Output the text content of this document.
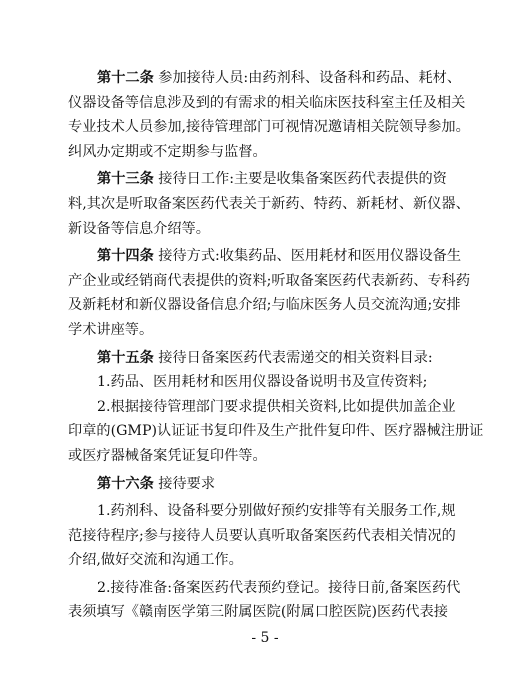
第十二条 参加接待人员:由药剂科、设备科和药品、耗材、
仪器设备等信息涉及到的有需求的相关临床医技科室主任及相关
专业技术人员参加,接待管理部门可视情况邀请相关院领导参加。
纠风办定期或不定期参与监督。
第十三条 接待日工作:主要是收集备案医药代表提供的资
料,其次是听取备案医药代表关于新药、特药、新耗材、新仪器、
新设备等信息介绍等。
第十四条 接待方式:收集药品、医用耗材和医用仪器设备生
产企业或经销商代表提供的资料;听取备案医药代表新药、专科药
及新耗材和新仪器设备信息介绍;与临床医务人员交流沟通;安排
学术讲座等。
第十五条 接待日备案医药代表需递交的相关资料目录:
1.药品、医用耗材和医用仪器设备说明书及宣传资料;
2.根据接待管理部门要求提供相关资料,比如提供加盖企业
印章的(GMP)认证证书复印件及生产批件复印件、医疗器械注册证
或医疗器械备案凭证复印件等。
第十六条 接待要求
1.药剂科、设备科要分别做好预约安排等有关服务工作,规
范接待程序;参与接待人员要认真听取备案医药代表相关情况的
介绍,做好交流和沟通工作。
2.接待准备:备案医药代表预约登记。接待日前,备案医药代
表须填写《赣南医学第三附属医院(附属口腔医院)医药代表接
- 5 -
